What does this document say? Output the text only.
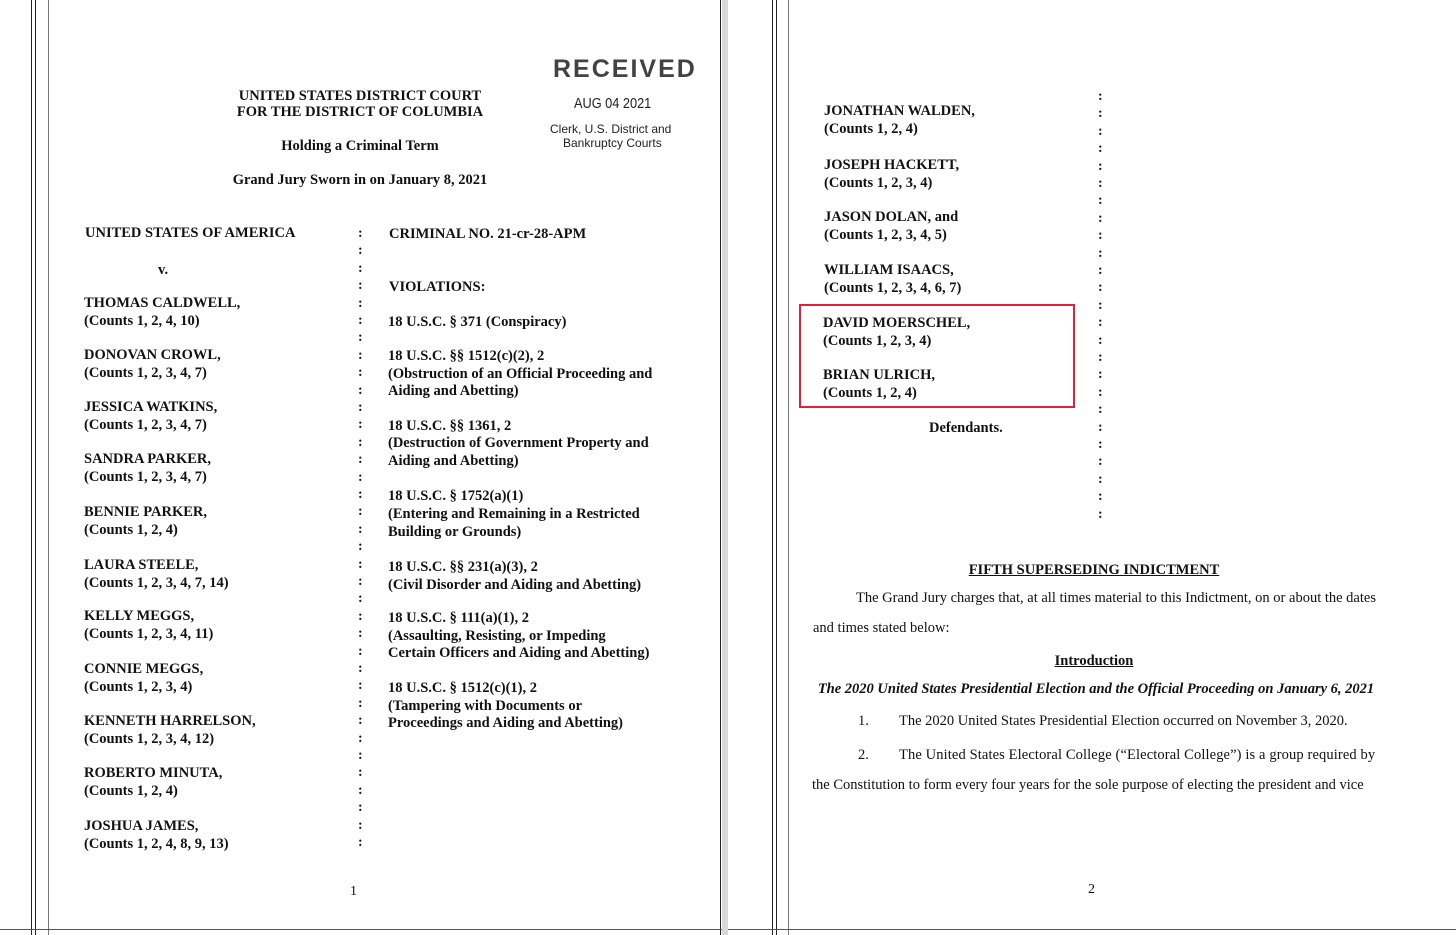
UNITED STATES DISTRICT COURT
FOR THE DISTRICT OF COLUMBIA
Holding a Criminal Term
Grand Jury Sworn in on January 8, 2021
RECEIVED
AUG 04 2021
Clerk, U.S. District and
Bankruptcy Courts
UNITED STATES OF AMERICA
v.
CRIMINAL NO. 21-cr-28-APM
VIOLATIONS:
THOMAS CALDWELL,
(Counts 1, 2, 4, 10)
DONOVAN CROWL,
(Counts 1, 2, 3, 4, 7)
JESSICA WATKINS,
(Counts 1, 2, 3, 4, 7)
SANDRA PARKER,
(Counts 1, 2, 3, 4, 7)
BENNIE PARKER,
(Counts 1, 2, 4)
LAURA STEELE,
(Counts 1, 2, 3, 4, 7, 14)
KELLY MEGGS,
(Counts 1, 2, 3, 4, 11)
CONNIE MEGGS,
(Counts 1, 2, 3, 4)
KENNETH HARRELSON,
(Counts 1, 2, 3, 4, 12)
ROBERTO MINUTA,
(Counts 1, 2, 4)
JOSHUA JAMES,
(Counts 1, 2, 4, 8, 9, 13)
18 U.S.C. § 371 (Conspiracy)
18 U.S.C. §§ 1512(c)(2), 2
(Obstruction of an Official Proceeding and
Aiding and Abetting)
18 U.S.C. §§ 1361, 2
(Destruction of Government Property and
Aiding and Abetting)
18 U.S.C. § 1752(a)(1)
(Entering and Remaining in a Restricted
Building or Grounds)
18 U.S.C. §§ 231(a)(3), 2
(Civil Disorder and Aiding and Abetting)
18 U.S.C. § 111(a)(1), 2
(Assaulting, Resisting, or Impeding
Certain Officers and Aiding and Abetting)
18 U.S.C. § 1512(c)(1), 2
(Tampering with Documents or
Proceedings and Aiding and Abetting)
:
:
:
:
:
:
:
:
:
:
:
:
:
:
:
:
:
:
:
:
:
:
:
:
:
:
:
:
:
:
:
:
:
:
:
:
1
JONATHAN WALDEN,
(Counts 1, 2, 4)
JOSEPH HACKETT,
(Counts 1, 2, 3, 4)
JASON DOLAN, and
(Counts 1, 2, 3, 4, 5)
WILLIAM ISAACS,
(Counts 1, 2, 3, 4, 6, 7)
DAVID MOERSCHEL,
(Counts 1, 2, 3, 4)
BRIAN ULRICH,
(Counts 1, 2, 4)
Defendants.
:
:
:
:
:
:
:
:
:
:
:
:
:
:
:
:
:
:
:
:
:
:
:
:
:
FIFTH SUPERSEDING INDICTMENT
The Grand Jury charges that, at all times material to this Indictment, on or about the dates
and times stated below:
Introduction
The 2020 United States Presidential Election and the Official Proceeding on January 6, 2021
1. The 2020 United States Presidential Election occurred on November 3, 2020.
2. The United States Electoral College (“Electoral College”) is a group required by
the Constitution to form every four years for the sole purpose of electing the president and vice
2
